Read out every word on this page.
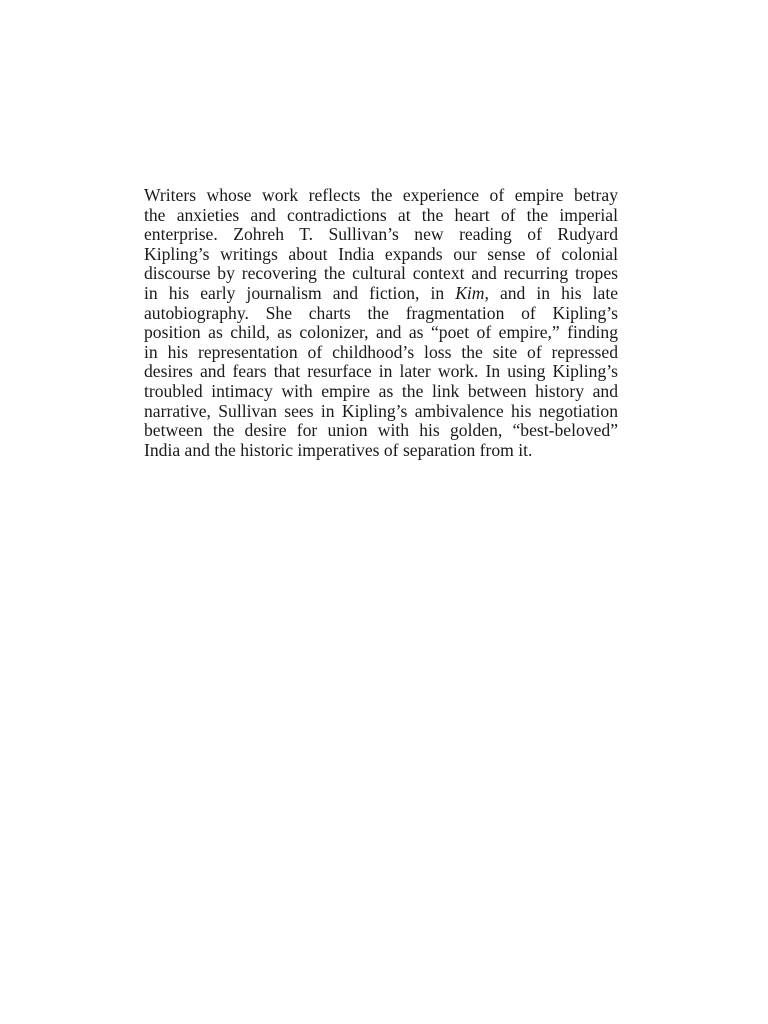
Writers whose work reflects the experience of empire betray
the anxieties and contradictions at the heart of the imperial
enterprise. Zohreh T. Sullivan’s new reading of Rudyard
Kipling’s writings about India expands our sense of colonial
discourse by recovering the cultural context and recurring tropes
in his early journalism and fiction, in Kim, and in his late
autobiography. She charts the fragmentation of Kipling’s
position as child, as colonizer, and as “poet of empire,” finding
in his representation of childhood’s loss the site of repressed
desires and fears that resurface in later work. In using Kipling’s
troubled intimacy with empire as the link between history and
narrative, Sullivan sees in Kipling’s ambivalence his negotiation
between the desire for union with his golden, “best-beloved”
India and the historic imperatives of separation from it.
